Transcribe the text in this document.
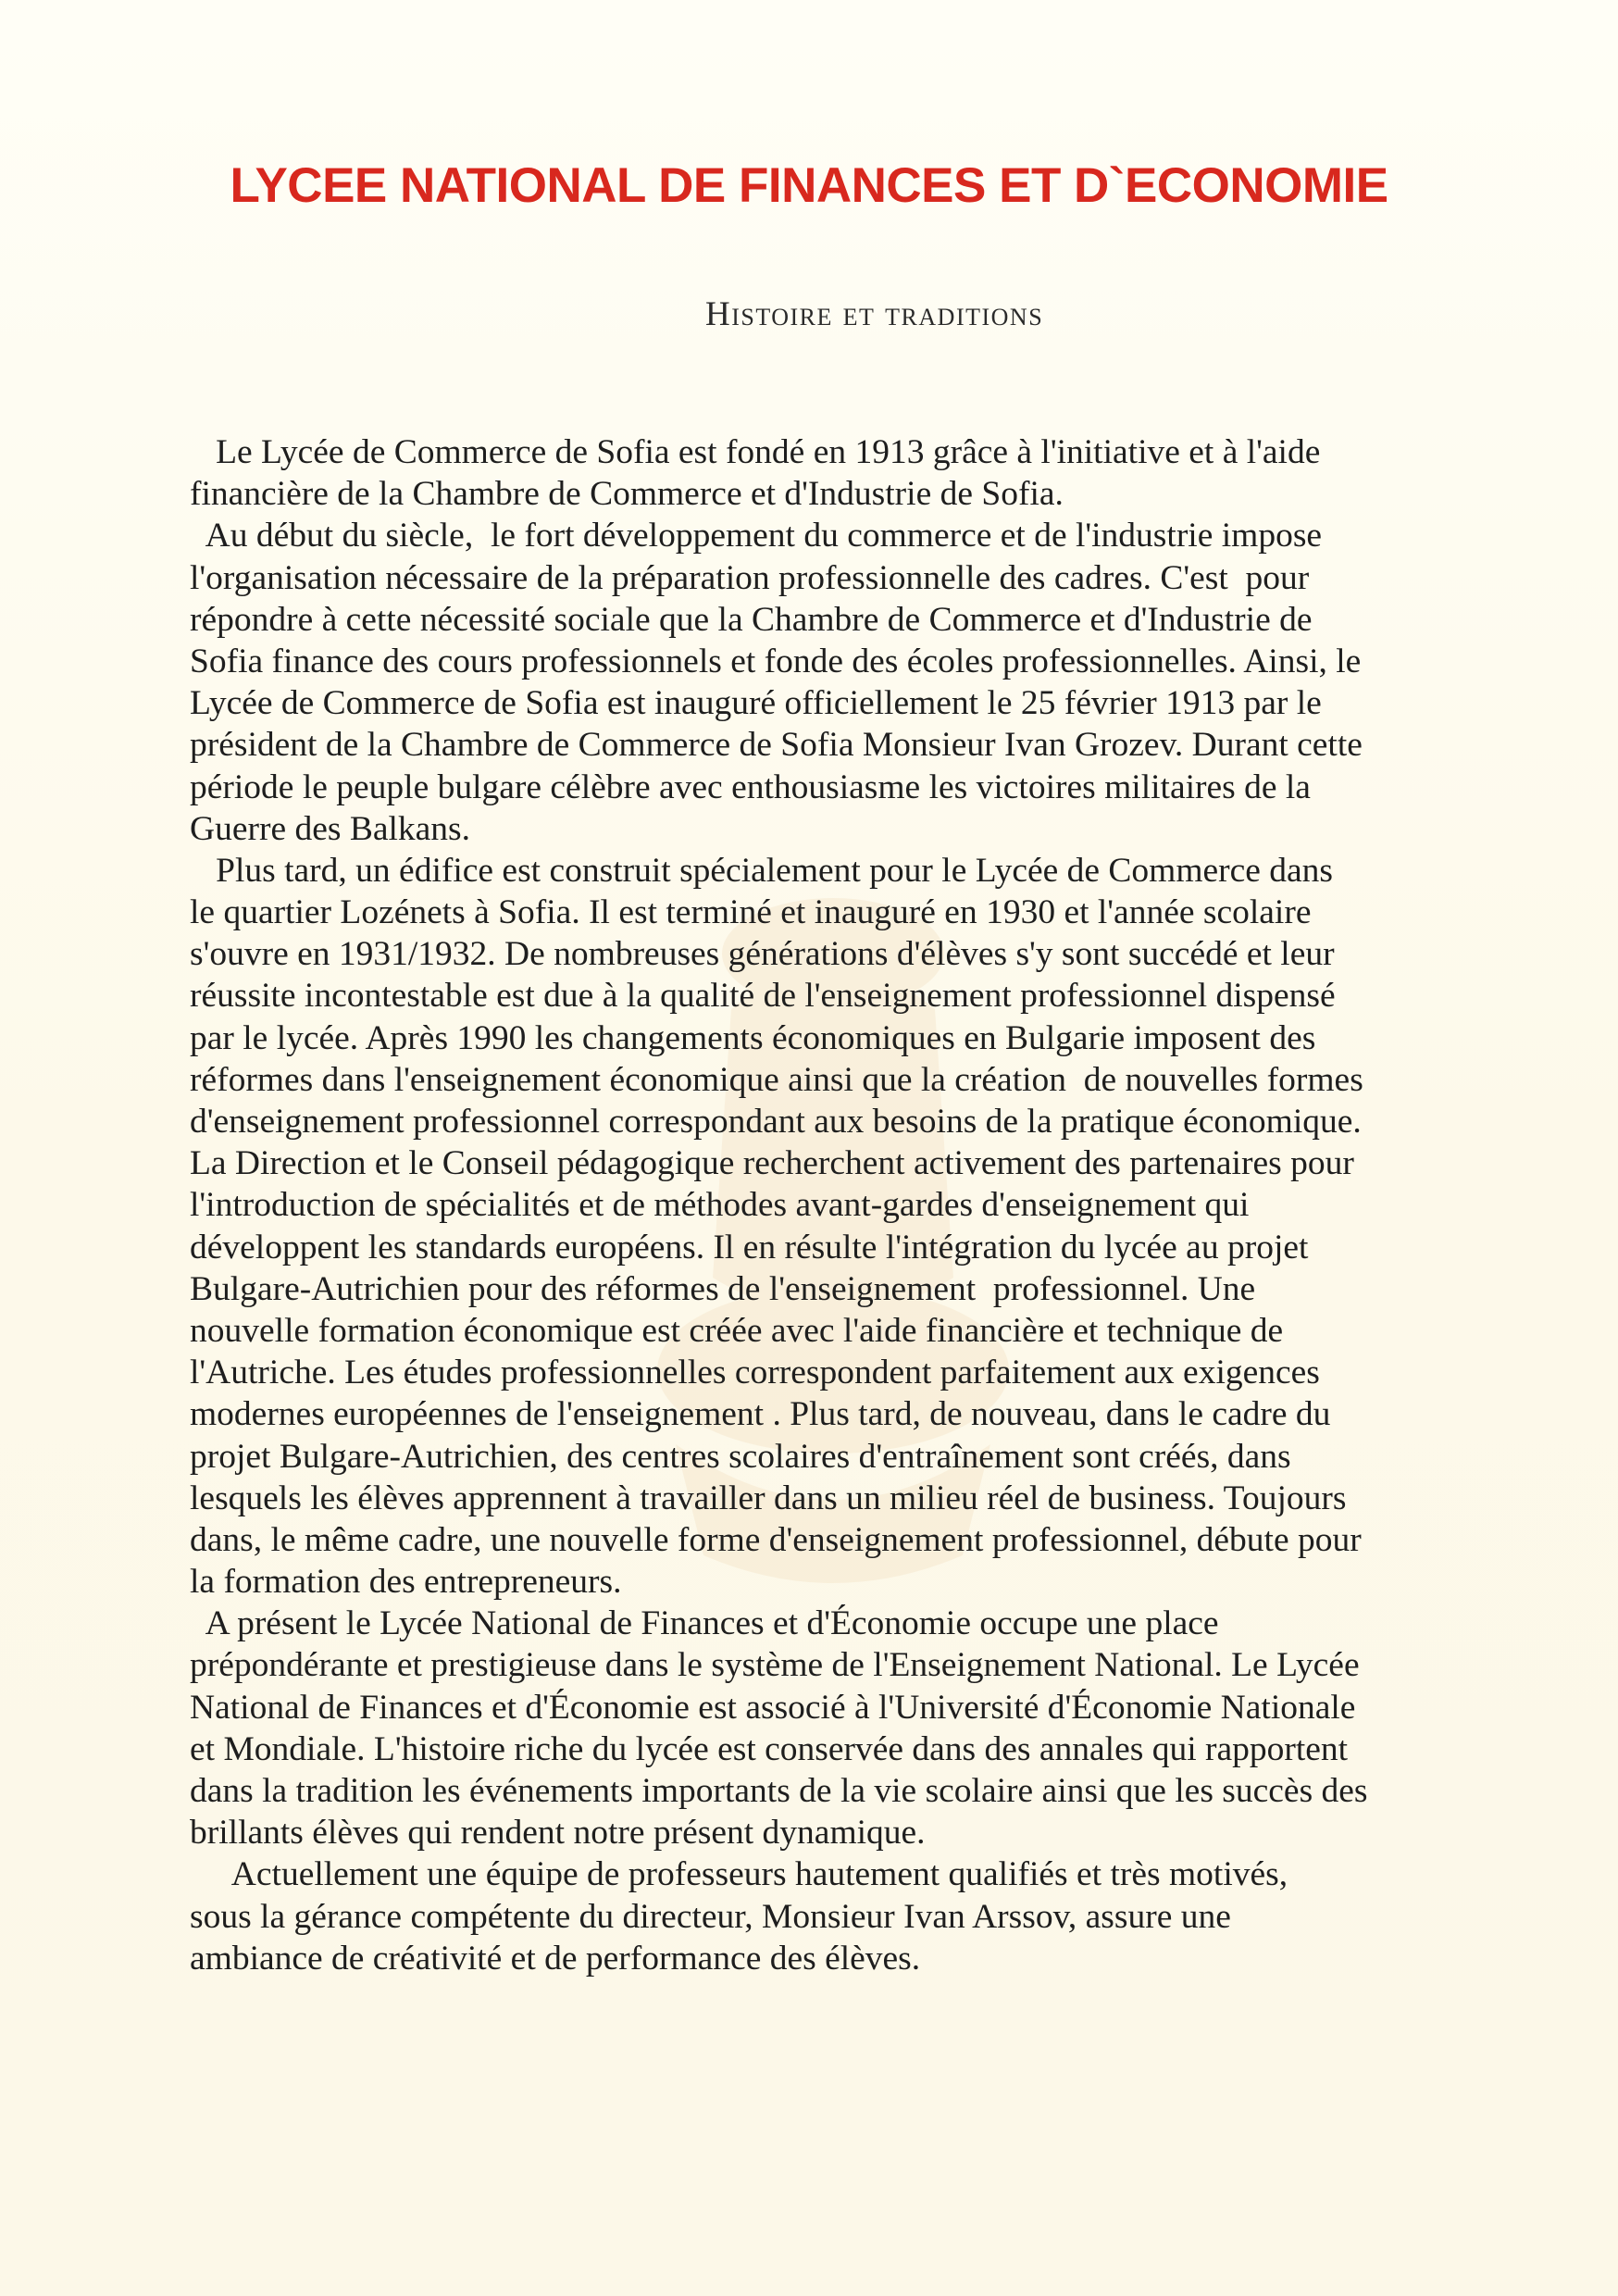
LYCEE NATIONAL DE FINANCES ET D`ECONOMIE
Histoire et traditions
Le Lycée de Commerce de Sofia est fondé en 1913 grâce à l'initiative et à l'aide
financière de la Chambre de Commerce et d'Industrie de Sofia.
Au début du siècle,  le fort développement du commerce et de l'industrie impose
l'organisation nécessaire de la préparation professionnelle des cadres. C'est  pour
répondre à cette nécessité sociale que la Chambre de Commerce et d'Industrie de
Sofia finance des cours professionnels et fonde des écoles professionnelles. Ainsi, le
Lycée de Commerce de Sofia est inauguré officiellement le 25 février 1913 par le
président de la Chambre de Commerce de Sofia Monsieur Ivan Grozev. Durant cette
période le peuple bulgare célèbre avec enthousiasme les victoires militaires de la
Guerre des Balkans.
Plus tard, un édifice est construit spécialement pour le Lycée de Commerce dans
le quartier Lozénets à Sofia. Il est terminé et inauguré en 1930 et l'année scolaire
s'ouvre en 1931/1932. De nombreuses générations d'élèves s'y sont succédé et leur
réussite incontestable est due à la qualité de l'enseignement professionnel dispensé
par le lycée. Après 1990 les changements économiques en Bulgarie imposent des
réformes dans l'enseignement économique ainsi que la création  de nouvelles formes
d'enseignement professionnel correspondant aux besoins de la pratique économique.
La Direction et le Conseil pédagogique recherchent activement des partenaires pour
l'introduction de spécialités et de méthodes avant-gardes d'enseignement qui
développent les standards européens. Il en résulte l'intégration du lycée au projet
Bulgare-Autrichien pour des réformes de l'enseignement  professionnel. Une
nouvelle formation économique est créée avec l'aide financière et technique de
l'Autriche. Les études professionnelles correspondent parfaitement aux exigences
modernes européennes de l'enseignement . Plus tard, de nouveau, dans le cadre du
projet Bulgare-Autrichien, des centres scolaires d'entraînement sont créés, dans
lesquels les élèves apprennent à travailler dans un milieu réel de business. Toujours
dans, le même cadre, une nouvelle forme d'enseignement professionnel, débute pour
la formation des entrepreneurs.
A présent le Lycée National de Finances et d'Économie occupe une place
prépondérante et prestigieuse dans le système de l'Enseignement National. Le Lycée
National de Finances et d'Économie est associé à l'Université d'Économie Nationale
et Mondiale. L'histoire riche du lycée est conservée dans des annales qui rapportent
dans la tradition les événements importants de la vie scolaire ainsi que les succès des
brillants élèves qui rendent notre présent dynamique.
Actuellement une équipe de professeurs hautement qualifiés et très motivés,
sous la gérance compétente du directeur, Monsieur Ivan Arssov, assure une
ambiance de créativité et de performance des élèves.
